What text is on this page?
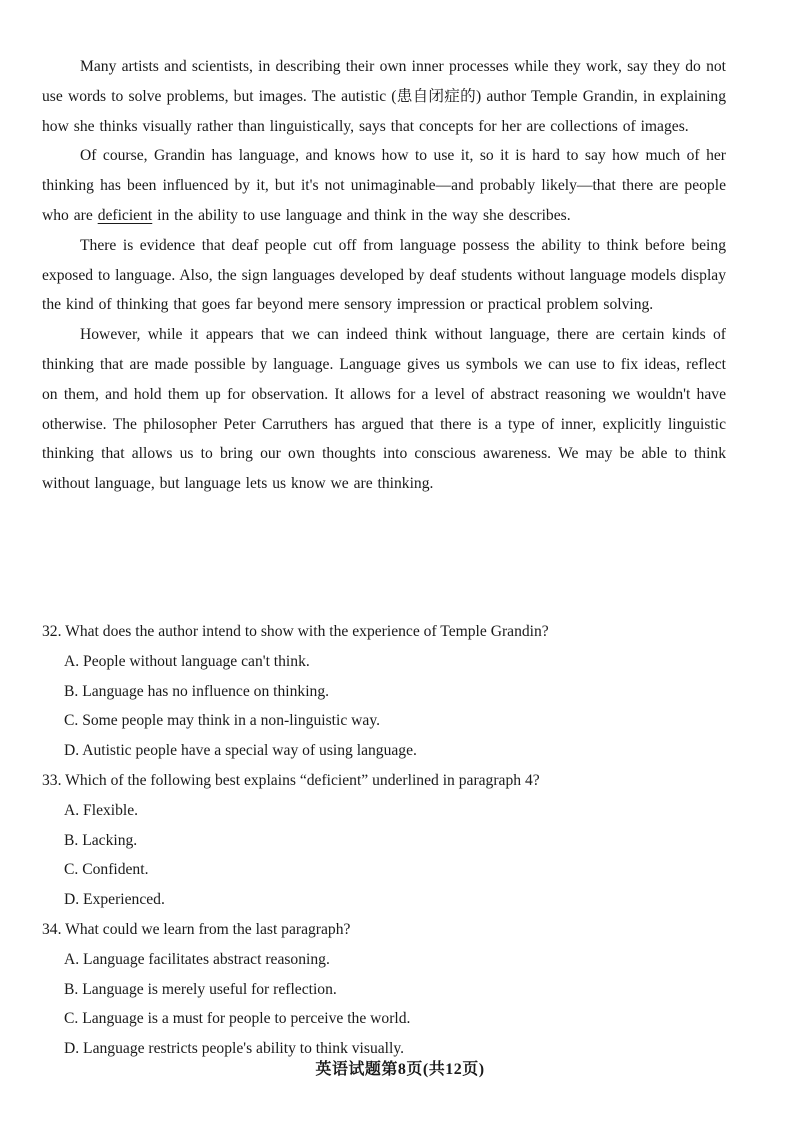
Many artists and scientists, in describing their own inner processes while they work, say they do not use words to solve problems, but images. The autistic (患自闭症的) author Temple Grandin, in explaining how she thinks visually rather than linguistically, says that concepts for her are collections of images.

Of course, Grandin has language, and knows how to use it, so it is hard to say how much of her thinking has been influenced by it, but it's not unimaginable—and probably likely—that there are people who are deficient in the ability to use language and think in the way she describes.

There is evidence that deaf people cut off from language possess the ability to think before being exposed to language. Also, the sign languages developed by deaf students without language models display the kind of thinking that goes far beyond mere sensory impression or practical problem solving.

However, while it appears that we can indeed think without language, there are certain kinds of thinking that are made possible by language. Language gives us symbols we can use to fix ideas, reflect on them, and hold them up for observation. It allows for a level of abstract reasoning we wouldn't have otherwise. The philosopher Peter Carruthers has argued that there is a type of inner, explicitly linguistic thinking that allows us to bring our own thoughts into conscious awareness. We may be able to think without language, but language lets us know we are thinking.

32. What does the author intend to show with the experience of Temple Grandin?

A. People without language can't think.

B. Language has no influence on thinking.

C. Some people may think in a non-linguistic way.

D. Autistic people have a special way of using language.

33. Which of the following best explains “deficient” underlined in paragraph 4?

A. Flexible.

B. Lacking.

C. Confident.

D. Experienced.

34. What could we learn from the last paragraph?

A. Language facilitates abstract reasoning.

B. Language is merely useful for reflection.

C. Language is a must for people to perceive the world.

D. Language restricts people's ability to think visually.

英语试题第8页(共12页)
